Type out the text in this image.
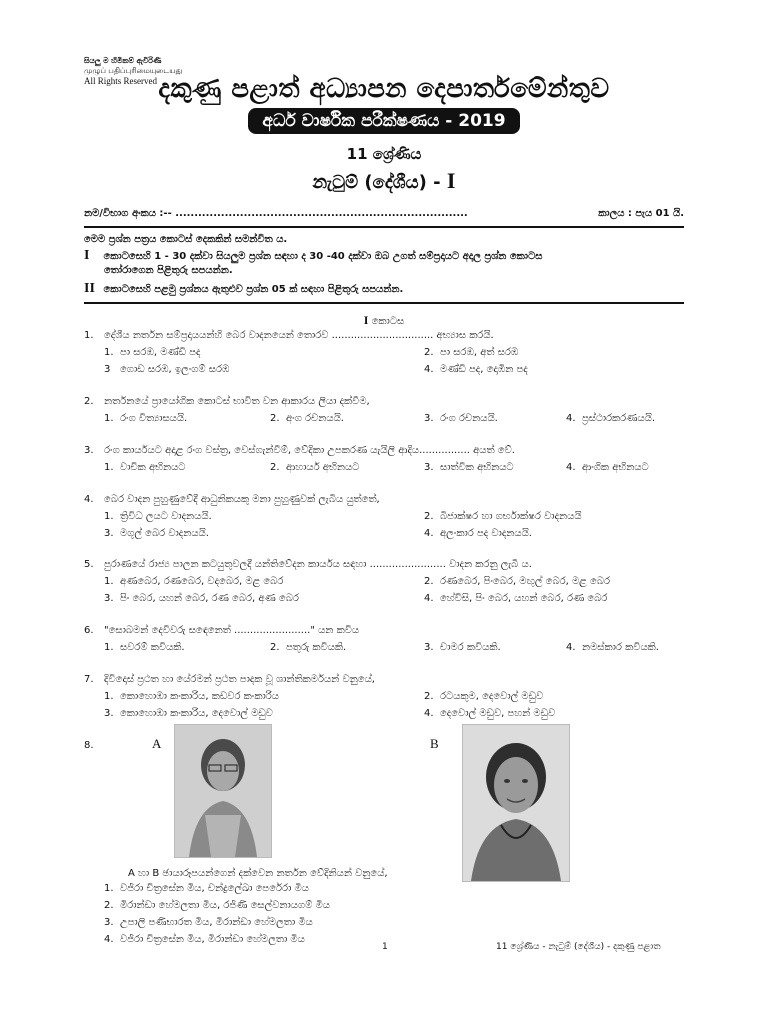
සියලු ම හිමිකම් ඇවිරිණි
முழுப் பதிப்புரிமையுடையது
All Rights Reserved දකුණු පළාත් අධ්‍යාපන දෙපාර්තමේන්තුව
අර්ධ වාර්ෂික පරීක්ෂණය - 2019
11 ශ්‍රේණිය
නැටුම් (දේශීය) - I
නම/විභාග අංකය :-- .............................................................................	කාලය : පැය 01 යි.
මෙම ප්‍රශ්න පත්‍රය කොටස් දෙකකින් සමන්විත ය.
I කොටසෙහි 1 - 30 දක්වා සියලුම ප්‍රශ්න සඳහා ද 30 -40 දක්වා ඔබ උගත් සම්ප්‍රදායට අදාල ප්‍රශ්න කොටස
තෝරාගෙන පිළිතුරු සපයන්න.
II කොටසෙහි පළමු ප්‍රශ්නය ඇතුළුව ප්‍රශ්න 05 ක් සඳහා පිළිතුරු සපයන්න.
I කොටස
1. දේශීය නර්තන සම්ප්‍රදායයන්හි බෙර වාදනයෙන් තොරව ................................ අභ්‍යාස කරයි.
1. පා සරඹ, මණ්ඩි පද	2. පා සරඹ, අත් සරඹ
3 ගොඩ සරඹ, ඉලංගම් සරඹ	4. මණ්ඩි පද, දොඹින පද
2. නර්තනයේ ප්‍රායෝගික කොටස් භාවිත වන ආකාරය ලියා දක්වීම,
1. රංග විත්‍යාසයයි.	2. අංග රචනයයි.	3. රංග රචනයයි.	4. ප්‍රස්ථාරකරණයයි.
3. රංග කාර්යයට අදාළ රංග වස්ත්‍ර, වෙස්ගැන්වීම්, වේදිකා උපකරණ යැයිලි ආදිය................ අයත් වේ.
1. වාචික අභිනයට	2. ආහාර්ය අභිනයට	3. සාත්වික අභිනයට	4. ආංගික අභිනයට
4. බෙර වාදන පුහුණුවේදී ආධුනිකයකු මනා පුහුණුවක් ලැබිය යුත්තේ,
1. ත්‍රිවිධ ලයට වාදනයයි.	2. බිජාක්ෂර හා ගර්භාක්ෂර වාදනයයි
3. මගුල් බෙර වාදනයයි.	4. අලංකාර පද වාදනයයි.
5. පුරාණයේ රාජ්‍ය පාලන කටයුතුවලදී යන්තිවේදන කාර්යය සඳහා ........................ වාදන කරනු ලැබී ය.
1. අණබෙර, රණබෙර, වදබෙර, මළ බෙර	2. රණබෙර, පිංබෙර, මඟුල් බෙර, මළ බෙර
3. පිං බෙර, යහන් බෙර, රණ බෙර, අණ බෙර	4. හේවිසි, පිං බෙර, යහන් බෙර, රණ බෙර
6. "සොබමන් දෙවිවරු සඳෙනෙත් ........................" යන කවිය
1. සවරම් කවියකි.	2. පතුරු කවියකි.	3. චාමර කවියකි.	4. නමස්කාර කවියකි.
7. දිවිදොස් ප්‍රථත හා යේරමන් ප්‍රථත පාදක වූ ශාන්තිකර්මයන් වනුයේ,
1. කොහොඹා කංකාරිය, කඩවර කංකාරිය	2. රටයකුම, දෙවොල් මඩුව
3. කොහොඹා කංකාරිය, දෙවොල් මඩුව	4. දෙවොල් මඩුව, පහන් මඩුව
8.	A	B
A හා B ඡායාරූපයන්ගෙන් දක්වෙන නර්තන වේදිනියන් වනුයේ,
1. වජිරා චිත්‍රසේන මිය, චන්ද්‍රලේඛා පෙරේරා මිය
2. මිරාන්ඩා හේමලතා මිය, රජිණි සෙල්වනායගම් මිය
3. උපාලි පණිභාරත මිය, මිරාන්ඩා හේමලතා මිය
4. වජිරා චිත්‍රසේන මිය, මිරාන්ඩා හේමලතා මිය
1	11 ශ්‍රේණිය - නැටුම් (දේශීය) - දකුණු පළාත
